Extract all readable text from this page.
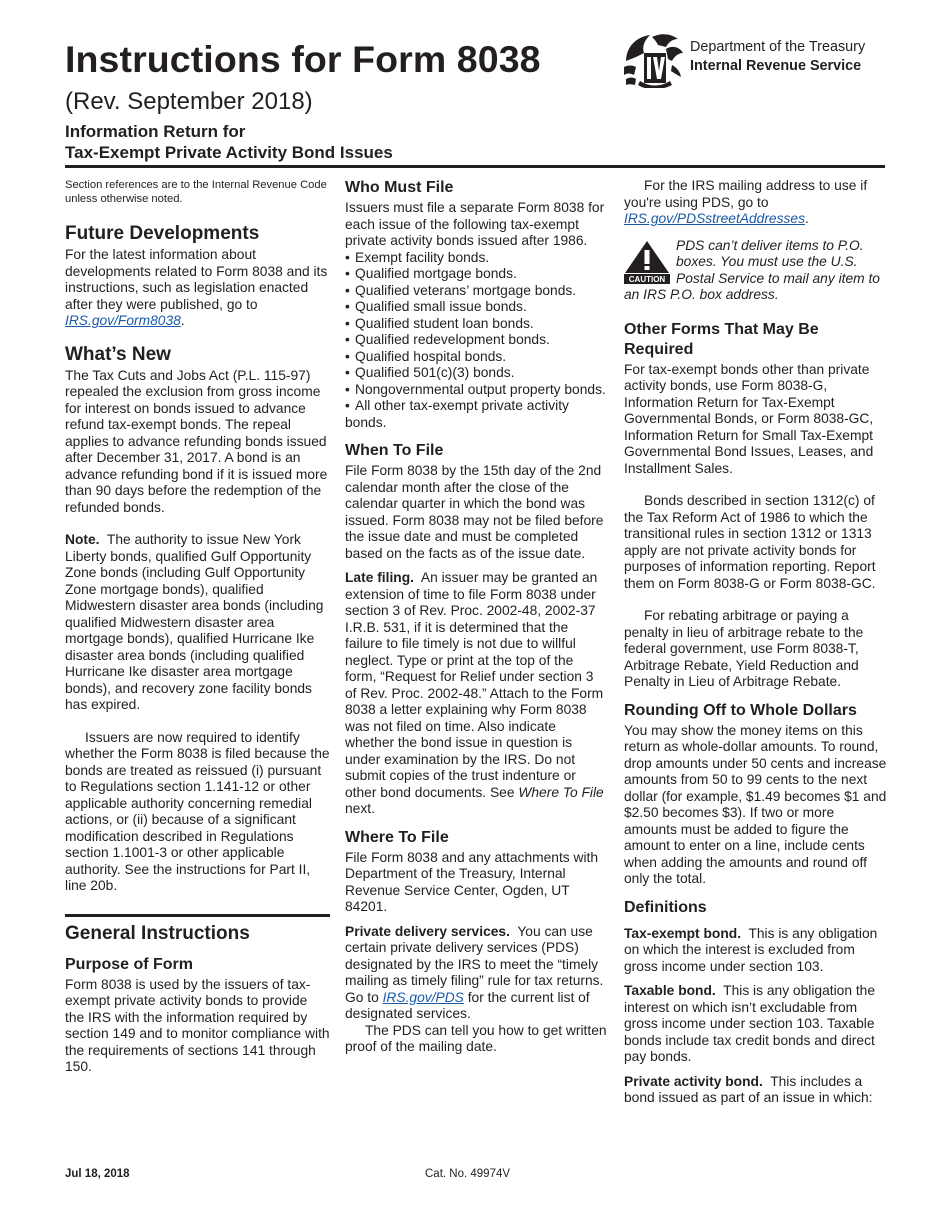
Instructions for Form 8038
(Rev. September 2018)
Information Return for
Tax-Exempt Private Activity Bond Issues
Department of the Treasury
Internal Revenue Service

Section references are to the Internal Revenue Code unless otherwise noted.

Future Developments

For the latest information about developments related to Form 8038 and its instructions, such as legislation enacted after they were published, go to IRS.gov/Form8038.

What’s New

The Tax Cuts and Jobs Act (P.L. 115-97) repealed the exclusion from gross income for interest on bonds issued to advance refund tax-exempt bonds. The repeal applies to advance refunding bonds issued after December 31, 2017. A bond is an advance refunding bond if it is issued more than 90 days before the redemption of the refunded bonds.

Note. The authority to issue New York Liberty bonds, qualified Gulf Opportunity Zone bonds (including Gulf Opportunity Zone mortgage bonds), qualified Midwestern disaster area bonds (including qualified Midwestern disaster area mortgage bonds), qualified Hurricane Ike disaster area bonds (including qualified Hurricane Ike disaster area mortgage bonds), and recovery zone facility bonds has expired.

Issuers are now required to identify whether the Form 8038 is filed because the bonds are treated as reissued (i) pursuant to Regulations section 1.141-12 or other applicable authority concerning remedial actions, or (ii) because of a significant modification described in Regulations section 1.1001-3 or other applicable authority. See the instructions for Part II, line 20b.

General Instructions
Purpose of Form

Form 8038 is used by the issuers of tax-exempt private activity bonds to provide the IRS with the information required by section 149 and to monitor compliance with the requirements of sections 141 through 150.

Who Must File

Issuers must file a separate Form 8038 for each issue of the following tax-exempt private activity bonds issued after 1986.

• Exempt facility bonds.
• Qualified mortgage bonds.
• Qualified veterans’ mortgage bonds.
• Qualified small issue bonds.
• Qualified student loan bonds.
• Qualified redevelopment bonds.
• Qualified hospital bonds.
• Qualified 501(c)(3) bonds.
• Nongovernmental output property bonds.
• All other tax-exempt private activity bonds.
When To File

File Form 8038 by the 15th day of the 2nd calendar month after the close of the calendar quarter in which the bond was issued. Form 8038 may not be filed before the issue date and must be completed based on the facts as of the issue date.

Late filing. An issuer may be granted an extension of time to file Form 8038 under section 3 of Rev. Proc. 2002-48, 2002-37 I.R.B. 531, if it is determined that the failure to file timely is not due to willful neglect. Type or print at the top of the form, “Request for Relief under section 3 of Rev. Proc. 2002-48.” Attach to the Form 8038 a letter explaining why Form 8038 was not filed on time. Also indicate whether the bond issue in question is under examination by the IRS. Do not submit copies of the trust indenture or other bond documents. See Where To File next.

Where To File

File Form 8038 and any attachments with Department of the Treasury, Internal Revenue Service Center, Ogden, UT 84201.

Private delivery services. You can use certain private delivery services (PDS) designated by the IRS to meet the “timely mailing as timely filing” rule for tax returns. Go to IRS.gov/PDS for the current list of designated services.

The PDS can tell you how to get written proof of the mailing date.

For the IRS mailing address to use if you're using PDS, go to IRS.gov/PDSstreetAddresses.

CAUTION

PDS can’t deliver items to P.O. boxes. You must use the U.S. Postal Service to mail any item to an IRS P.O. box address.

Other Forms That May Be Required

For tax-exempt bonds other than private activity bonds, use Form 8038-G, Information Return for Tax-Exempt Governmental Bonds, or Form 8038-GC, Information Return for Small Tax-Exempt Governmental Bond Issues, Leases, and Installment Sales.

Bonds described in section 1312(c) of the Tax Reform Act of 1986 to which the transitional rules in section 1312 or 1313 apply are not private activity bonds for purposes of information reporting. Report them on Form 8038-G or Form 8038-GC.

For rebating arbitrage or paying a penalty in lieu of arbitrage rebate to the federal government, use Form 8038-T, Arbitrage Rebate, Yield Reduction and Penalty in Lieu of Arbitrage Rebate.

Rounding Off to Whole Dollars

You may show the money items on this return as whole-dollar amounts. To round, drop amounts under 50 cents and increase amounts from 50 to 99 cents to the next dollar (for example, $1.49 becomes $1 and $2.50 becomes $3). If two or more amounts must be added to figure the amount to enter on a line, include cents when adding the amounts and round off only the total.

Definitions

Tax-exempt bond. This is any obligation on which the interest is excluded from gross income under section 103.

Taxable bond. This is any obligation the interest on which isn’t excludable from gross income under section 103. Taxable bonds include tax credit bonds and direct pay bonds.

Private activity bond. This includes a bond issued as part of an issue in which:

Jul 18, 2018	Cat. No. 49974V
